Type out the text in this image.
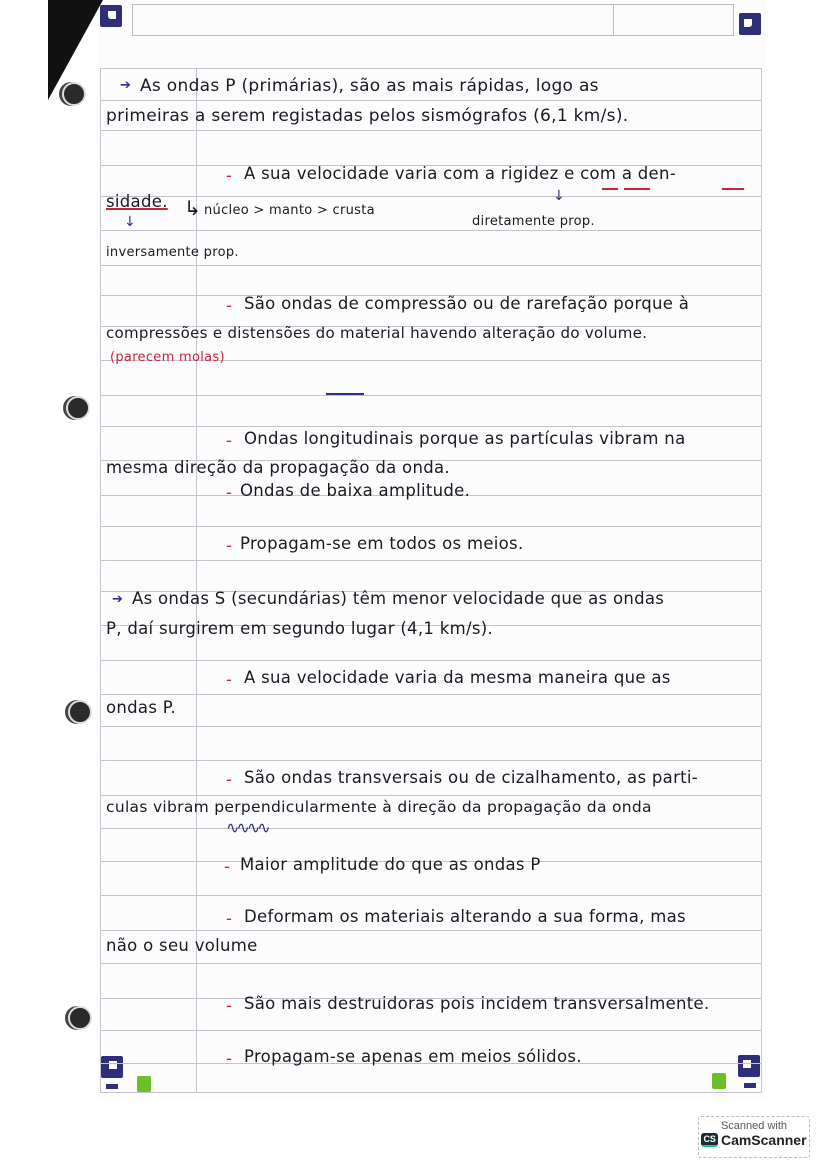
➔ As ondas P (primárias), são as mais rápidas, logo as
primeiras a serem registadas pelos sismógrafos (6,1 km/s).
- A sua velocidade varia com a rigidez e com a den-
sidade.
↓
↓
↳ núcleo > manto > crusta
diretamente prop.
inversamente prop.
- São ondas de compressão ou de rarefação porque à
compressões e distensões do material havendo alteração do volume.
(parecem molas)
- Ondas longitudinais porque as partículas vibram na
mesma direção da propagação da onda.
- Ondas de baixa amplitude.
- Propagam-se em todos os meios.
➔ As ondas S (secundárias) têm menor velocidade que as ondas
P, daí surgirem em segundo lugar (4,1 km/s).
- A sua velocidade varia da mesma maneira que as
ondas P.
- São ondas transversais ou de cizalhamento, as parti-
culas vibram perpendicularmente à direção da propagação da onda
∿∿∿∿
- Maior amplitude do que as ondas P
- Deformam os materiais alterando a sua forma, mas
não o seu volume
- São mais destruidoras pois incidem transversalmente.
- Propagam-se apenas em meios sólidos.
Scanned with
CS CamScanner
